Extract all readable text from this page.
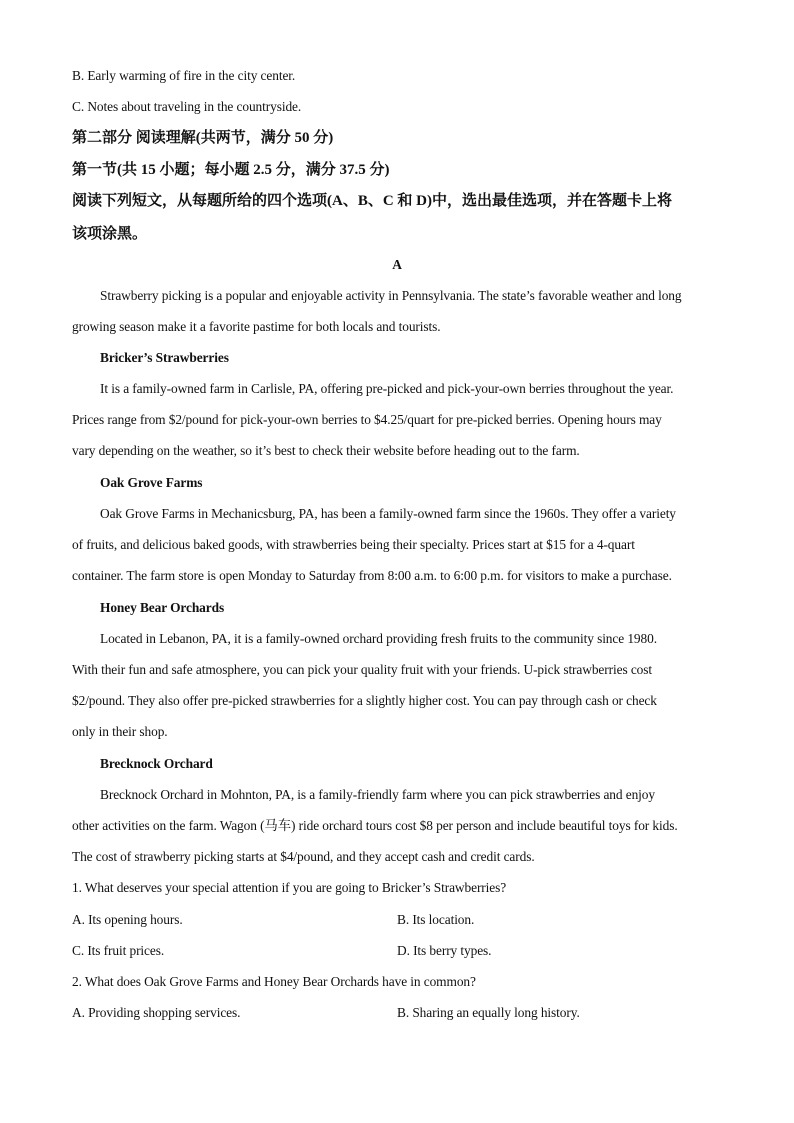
B. Early warming of fire in the city center.
C. Notes about traveling in the countryside.
第二部分 阅读理解(共两节，满分 50 分)
第一节(共 15 小题；每小题 2.5 分，满分 37.5 分)
阅读下列短文，从每题所给的四个选项(A、B、C 和 D)中，选出最佳选项，并在答题卡上将
该项涂黑。
A
Strawberry picking is a popular and enjoyable activity in Pennsylvania. The state’s favorable weather and long
growing season make it a favorite pastime for both locals and tourists.
Bricker’s Strawberries
It is a family-owned farm in Carlisle, PA, offering pre-picked and pick-your-own berries throughout the year.
Prices range from $2/pound for pick-your-own berries to $4.25/quart for pre-picked berries. Opening hours may
vary depending on the weather, so it’s best to check their website before heading out to the farm.
Oak Grove Farms
Oak Grove Farms in Mechanicsburg, PA, has been a family-owned farm since the 1960s. They offer a variety
of fruits, and delicious baked goods, with strawberries being their specialty. Prices start at $15 for a 4-quart
container. The farm store is open Monday to Saturday from 8:00 a.m. to 6:00 p.m. for visitors to make a purchase.
Honey Bear Orchards
Located in Lebanon, PA, it is a family-owned orchard providing fresh fruits to the community since 1980.
With their fun and safe atmosphere, you can pick your quality fruit with your friends. U-pick strawberries cost
$2/pound. They also offer pre-picked strawberries for a slightly higher cost. You can pay through cash or check
only in their shop.
Brecknock Orchard
Brecknock Orchard in Mohnton, PA, is a family-friendly farm where you can pick strawberries and enjoy
other activities on the farm. Wagon (马车) ride orchard tours cost $8 per person and include beautiful toys for kids.
The cost of strawberry picking starts at $4/pound, and they accept cash and credit cards.
1. What deserves your special attention if you are going to Bricker’s Strawberries?
A. Its opening hours.	B. Its location.
C. Its fruit prices.	D. Its berry types.
2. What does Oak Grove Farms and Honey Bear Orchards have in common?
A. Providing shopping services.	B. Sharing an equally long history.
